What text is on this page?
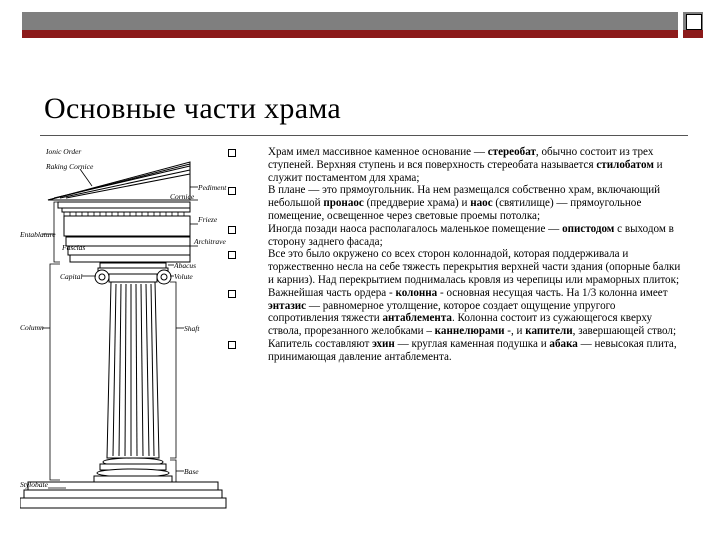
Основные части храма
Ionic Order
Raking Cornice
Pediment
Cornice
Frieze
Entablature
Architrave
Fascias
Capital
Abacus
Volute
Column	Shaft
Base
Stylobate
Храм имел массивное каменное основание — стереобат, обычно состоит из трех ступеней. Верхняя ступень и вся поверхность стереобата называется стилобатом и служит постаментом для храма;
В плане — это прямоугольник. На нем размещался собственно храм, включающий небольшой пронаос (преддверие храма) и наос (святилище) — прямоугольное помещение, освещенное через световые проемы потолка;
Иногда позади наоса располагалось маленькое помещение — опистодом с выходом в сторону заднего фасада;
Все это было окружено со всех сторон колоннадой, которая поддерживала и торжественно несла на себе тяжесть перекрытия верхней части здания (опорные балки и карниз). Над перекрытием поднималась кровля из черепицы или мраморных плиток;
Важнейшая часть ордера - колонна - основная несущая часть. На 1/3 колонна имеет энтазис — равномерное утолщение, которое создает ощущение упругого сопротивления тяжести антаблемента. Колонна состоит из сужающегося кверху ствола, прорезанного желобками – каннелюрами -, и капители, завершающей ствол;
Капитель составляют эхин — круглая каменная подушка и абака — невысокая плита, принимающая давление антаблемента.
